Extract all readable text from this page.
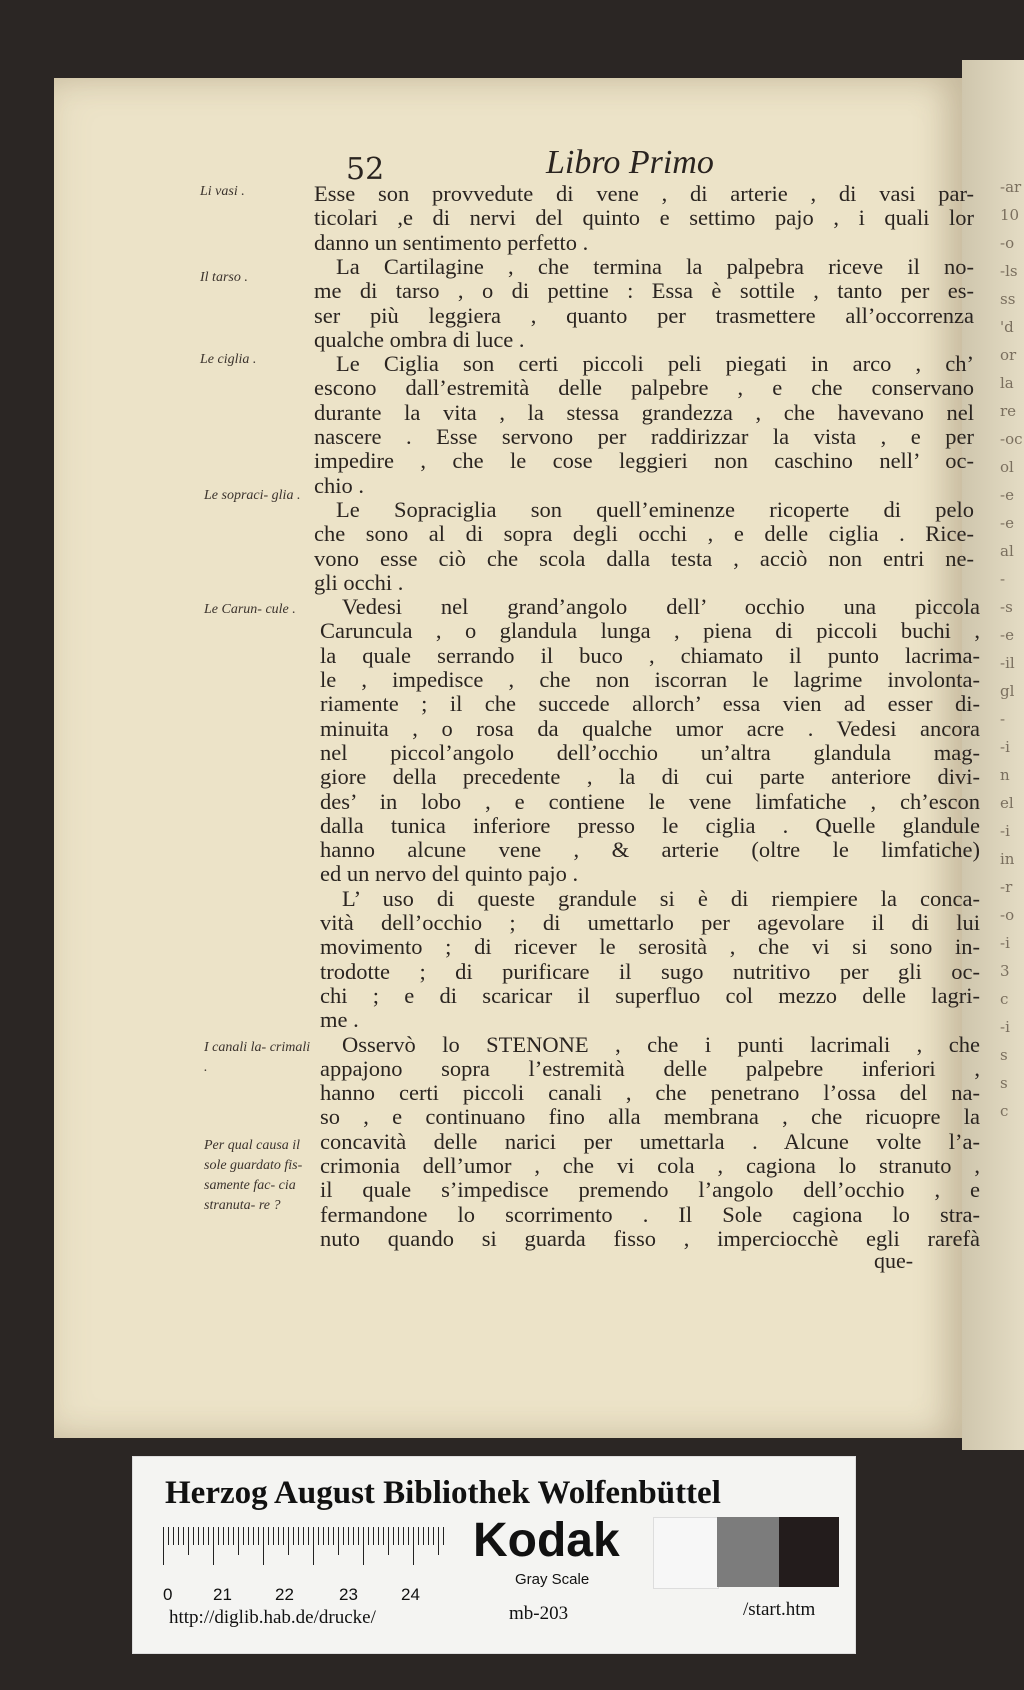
52	Libro Primo
Esse son provvedute di vene , di arterie , di vasi par-
ticolari ,e di nervi del quinto e settimo pajo , i quali lor
danno un sentimento perfetto .
La Cartilagine , che termina la palpebra riceve il no-
me di tarso , o di pettine : Essa è sottile , tanto per es-
ser più leggiera , quanto per trasmettere all’occorrenza
qualche ombra di luce .
Le Ciglia son certi piccoli peli piegati in arco , ch’
escono dall’estremità delle palpebre , e che conservano
durante la vita , la stessa grandezza , che havevano nel
nascere . Esse servono per raddirizzar la vista , e per
impedire , che le cose leggieri non caschino nell’ oc-
chio .
Le Sopraciglia son quell’eminenze ricoperte di pelo
che sono al di sopra degli occhi , e delle ciglia . Rice-
vono esse ciò che scola dalla testa , acciò non entri ne-
gli occhi .
Vedesi nel grand’angolo dell’ occhio una piccola
Caruncula , o glandula lunga , piena di piccoli buchi ,
la quale serrando il buco , chiamato il punto lacrima-
le , impedisce , che non iscorran le lagrime involonta-
riamente ; il che succede allorch’ essa vien ad esser di-
minuita , o rosa da qualche umor acre . Vedesi ancora
nel piccol’angolo dell’occhio un’altra glandula mag-
giore della precedente , la di cui parte anteriore divi-
des’ in lobo , e contiene le vene limfatiche , ch’escon
dalla tunica inferiore presso le ciglia . Quelle glandule
hanno alcune vene , & arterie (oltre le limfatiche)
ed un nervo del quinto pajo .
L’ uso di queste grandule si è di riempiere la conca-
vità dell’occhio ; di umettarlo per agevolare il di lui
movimento ; di ricever le serosità , che vi si sono in-
trodotte ; di purificare il sugo nutritivo per gli oc-
chi ; e di scaricar il superfluo col mezzo delle lagri-
me .
Osservò lo STENONE , che i punti lacrimali , che
appajono sopra l’estremità delle palpebre inferiori ,
hanno certi piccoli canali , che penetrano l’ossa del na-
so , e continuano fino alla membrana , che ricuopre la
concavità delle narici per umettarla . Alcune volte l’a-
crimonia dell’umor , che vi cola , cagiona lo stranuto ,
il quale s’impedisce premendo l’angolo dell’occhio , e
fermandone lo scorrimento . Il Sole cagiona lo stra-
nuto quando si guarda fisso , imperciocchè egli rarefà
Li vasi .
Il tarso .
Le ciglia .
Le sopraci- glia .
Le Carun- cule .
I canali la- crimali .
Per qual causa il sole guardato fis- samente fac- cia stranuta- re ?
que-
-ar
10
-o
-ls
ss
'd
or
la
re
-oc
ol
-e
-e
al
-
-s
-e
-il
gl
-
-i
n
el
-i
in
-r
-o
-i
3
c
-i
s
s
c
Herzog August Bibliothek Wolfenbüttel
0 21	22	23	24
Kodak
Gray Scale
http://diglib.hab.de/drucke/	mb-203	/start.htm
